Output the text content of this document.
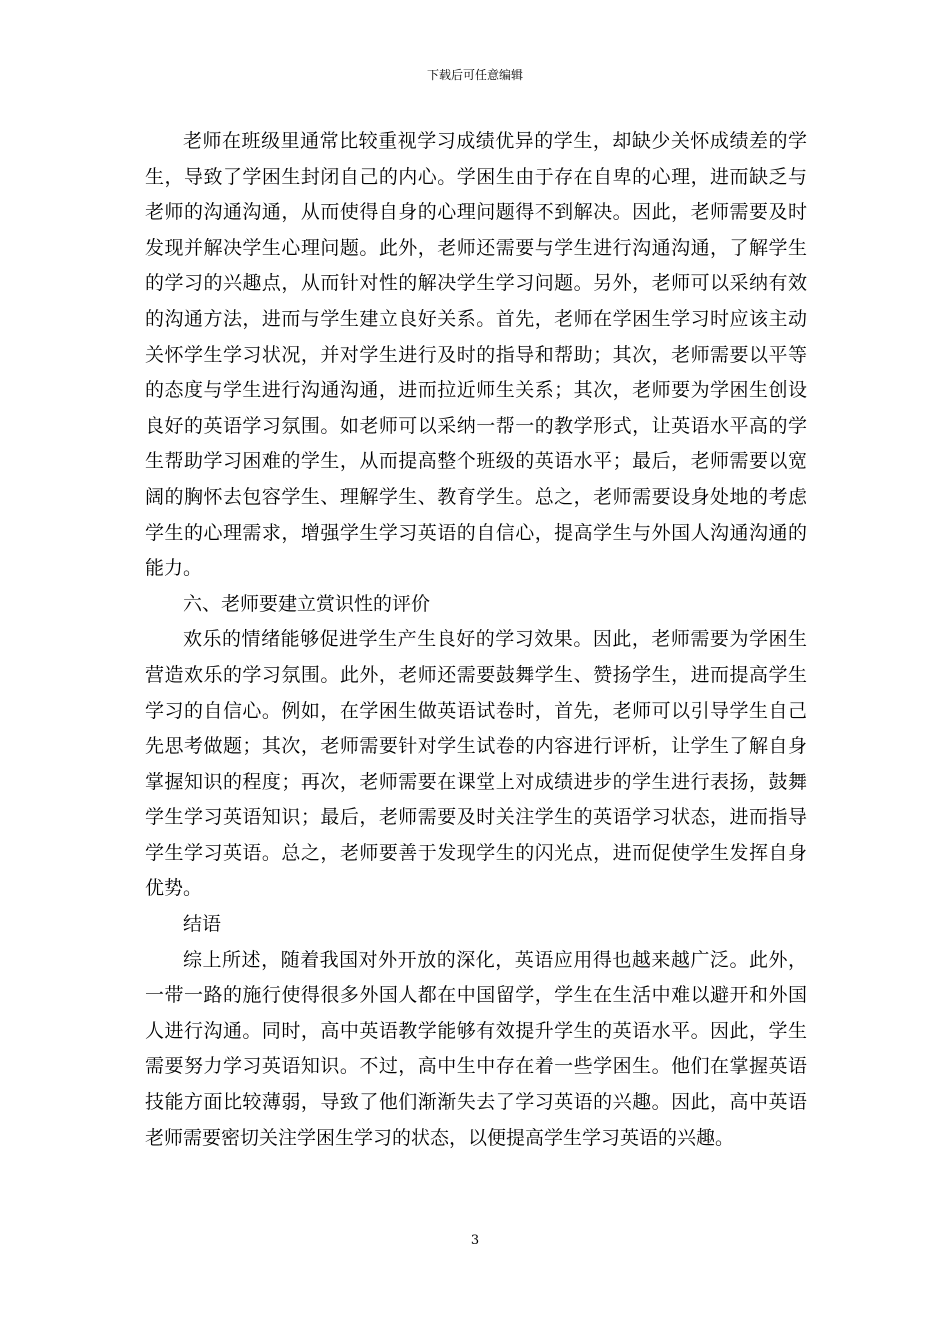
下载后可任意编辑

老师在班级里通常比较重视学习成绩优异的学生，却缺少关怀成绩差的学生，导致了学困生封闭自己的内心。学困生由于存在自卑的心理，进而缺乏与老师的沟通沟通，从而使得自身的心理问题得不到解决。因此，老师需要及时发现并解决学生心理问题。此外，老师还需要与学生进行沟通沟通，了解学生的学习的兴趣点，从而针对性的解决学生学习问题。另外，老师可以采纳有效的沟通方法，进而与学生建立良好关系。首先，老师在学困生学习时应该主动关怀学生学习状况，并对学生进行及时的指导和帮助；其次，老师需要以平等的态度与学生进行沟通沟通，进而拉近师生关系；其次，老师要为学困生创设良好的英语学习氛围。如老师可以采纳一帮一的教学形式，让英语水平高的学生帮助学习困难的学生，从而提高整个班级的英语水平；最后，老师需要以宽阔的胸怀去包容学生、理解学生、教育学生。总之，老师需要设身处地的考虑学生的心理需求，增强学生学习英语的自信心，提高学生与外国人沟通沟通的能力。

六、老师要建立赏识性的评价

欢乐的情绪能够促进学生产生良好的学习效果。因此，老师需要为学困生营造欢乐的学习氛围。此外，老师还需要鼓舞学生、赞扬学生，进而提高学生学习的自信心。例如，在学困生做英语试卷时，首先，老师可以引导学生自己先思考做题；其次，老师需要针对学生试卷的内容进行评析，让学生了解自身掌握知识的程度；再次，老师需要在课堂上对成绩进步的学生进行表扬，鼓舞学生学习英语知识；最后，老师需要及时关注学生的英语学习状态，进而指导学生学习英语。总之，老师要善于发现学生的闪光点，进而促使学生发挥自身优势。

结语

综上所述，随着我国对外开放的深化，英语应用得也越来越广泛。此外，一带一路的施行使得很多外国人都在中国留学，学生在生活中难以避开和外国人进行沟通。同时，高中英语教学能够有效提升学生的英语水平。因此，学生需要努力学习英语知识。不过，高中生中存在着一些学困生。他们在掌握英语技能方面比较薄弱，导致了他们渐渐失去了学习英语的兴趣。因此，高中英语老师需要密切关注学困生学习的状态，以便提高学生学习英语的兴趣。

3
